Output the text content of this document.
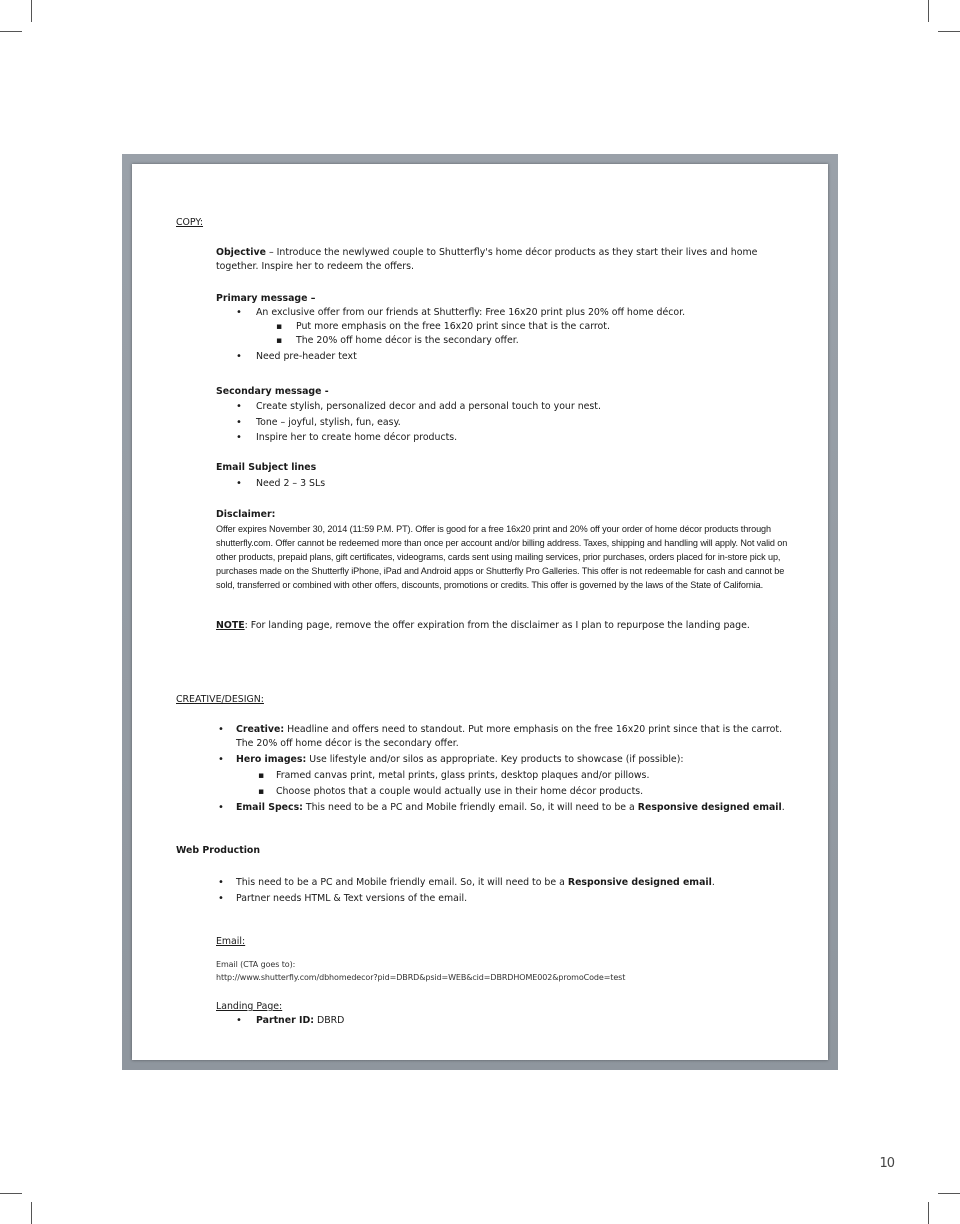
COPY:
Objective – Introduce the newlywed couple to Shutterfly's home décor products as they start their lives and home together. Inspire her to redeem the offers.
Primary message –
• An exclusive offer from our friends at Shutterfly: Free 16x20 print plus 20% off home décor.
▪ Put more emphasis on the free 16x20 print since that is the carrot.
▪ The 20% off home décor is the secondary offer.
• Need pre-header text
Secondary message -
• Create stylish, personalized decor and add a personal touch to your nest.
• Tone – joyful, stylish, fun, easy.
• Inspire her to create home décor products.
Email Subject lines
• Need 2 – 3 SLs
Disclaimer:
Offer expires November 30, 2014 (11:59 P.M. PT). Offer is good for a free 16x20 print and 20% off your order of home décor products through shutterfly.com. Offer cannot be redeemed more than once per account and/or billing address. Taxes, shipping and handling will apply. Not valid on other products, prepaid plans, gift certificates, videograms, cards sent using mailing services, prior purchases, orders placed for in-store pick up, purchases made on the Shutterfly iPhone, iPad and Android apps or Shutterfly Pro Galleries. This offer is not redeemable for cash and cannot be sold, transferred or combined with other offers, discounts, promotions or credits. This offer is governed by the laws of the State of California.
NOTE: For landing page, remove the offer expiration from the disclaimer as I plan to repurpose the landing page.
CREATIVE/DESIGN:
• Creative: Headline and offers need to standout. Put more emphasis on the free 16x20 print since that is the carrot. The 20% off home décor is the secondary offer.
• Hero images: Use lifestyle and/or silos as appropriate. Key products to showcase (if possible):
▪ Framed canvas print, metal prints, glass prints, desktop plaques and/or pillows.
▪ Choose photos that a couple would actually use in their home décor products.
• Email Specs: This need to be a PC and Mobile friendly email. So, it will need to be a Responsive designed email.
Web Production
• This need to be a PC and Mobile friendly email. So, it will need to be a Responsive designed email.
• Partner needs HTML & Text versions of the email.
Email:
Email (CTA goes to):
http://www.shutterfly.com/dbhomedecor?pid=DBRD&psid=WEB&cid=DBRDHOME002&promoCode=test
Landing Page:
• Partner ID: DBRD
10
